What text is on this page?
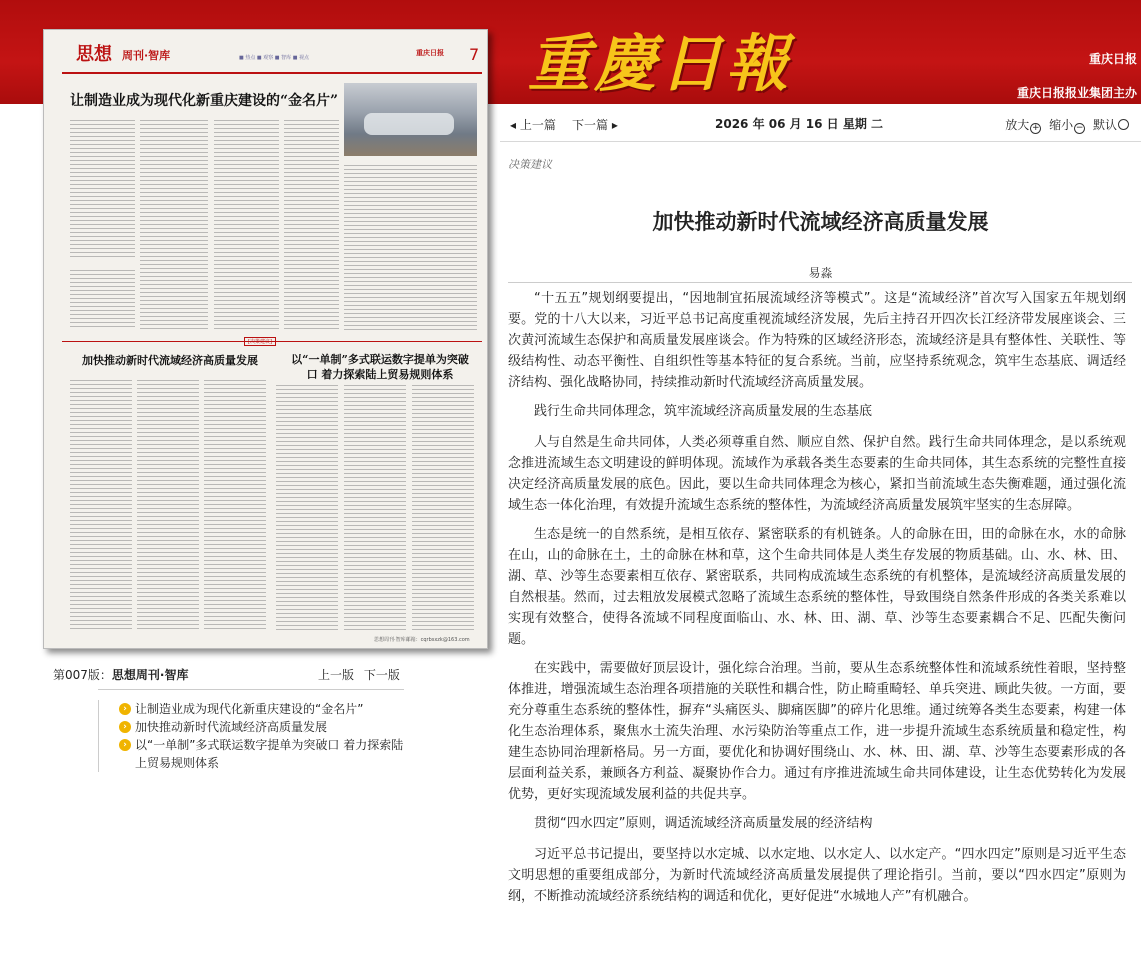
重慶日報	重庆日报
重庆日报报业集团主办
思想 周刊·智库	■ 热点 ■ 观察 ■ 智库 ■ 视点
重庆日报 7
让制造业成为现代化新重庆建设的“金名片”
[决策建议]
加快推动新时代流域经济高质量发展	以“一单制”多式联运数字提单为突破口 着力探索陆上贸易规则体系
思想周刊·智库邮箱：cqrbsxzk@163.com
第007版：思想周刊·智库	上一版 下一版
› 让制造业成为现代化新重庆建设的“金名片”
› 加快推动新时代流域经济高质量发展
› 以“一单制”多式联运数字提单为突破口 着力探索陆上贸易规则体系
◂ 上一篇 下一篇 ▸	2026 年 06 月 16 日 星期 二	放大 + 缩小 − 默认
决策建议
加快推动新时代流域经济高质量发展
易淼

“十五五”规划纲要提出，“因地制宜拓展流域经济等模式”。这是“流域经济”首次写入国家五年规划纲要。党的十八大以来，习近平总书记高度重视流域经济发展，先后主持召开四次长江经济带发展座谈会、三次黄河流域生态保护和高质量发展座谈会。作为特殊的区域经济形态，流域经济是具有整体性、关联性、等级结构性、动态平衡性、自组织性等基本特征的复合系统。当前，应坚持系统观念，筑牢生态基底、调适经济结构、强化战略协同，持续推动新时代流域经济高质量发展。

践行生命共同体理念，筑牢流域经济高质量发展的生态基底

人与自然是生命共同体，人类必须尊重自然、顺应自然、保护自然。践行生命共同体理念，是以系统观念推进流域生态文明建设的鲜明体现。流域作为承载各类生态要素的生命共同体，其生态系统的完整性直接决定经济高质量发展的底色。因此，要以生命共同体理念为核心，紧扣当前流域生态失衡难题，通过强化流域生态一体化治理，有效提升流域生态系统的整体性，为流域经济高质量发展筑牢坚实的生态屏障。

生态是统一的自然系统，是相互依存、紧密联系的有机链条。人的命脉在田，田的命脉在水，水的命脉在山，山的命脉在土，土的命脉在林和草，这个生命共同体是人类生存发展的物质基础。山、水、林、田、湖、草、沙等生态要素相互依存、紧密联系，共同构成流域生态系统的有机整体，是流域经济高质量发展的自然根基。然而，过去粗放发展模式忽略了流域生态系统的整体性，导致围绕自然条件形成的各类关系难以实现有效整合，使得各流域不同程度面临山、水、林、田、湖、草、沙等生态要素耦合不足、匹配失衡问题。

在实践中，需要做好顶层设计，强化综合治理。当前，要从生态系统整体性和流域系统性着眼，坚持整体推进，增强流域生态治理各项措施的关联性和耦合性，防止畸重畸轻、单兵突进、顾此失彼。一方面，要充分尊重生态系统的整体性，摒弃“头痛医头、脚痛医脚”的碎片化思维。通过统筹各类生态要素，构建一体化生态治理体系，聚焦水土流失治理、水污染防治等重点工作，进一步提升流域生态系统质量和稳定性，构建生态协同治理新格局。另一方面，要优化和协调好围绕山、水、林、田、湖、草、沙等生态要素形成的各层面利益关系，兼顾各方利益、凝聚协作合力。通过有序推进流域生命共同体建设，让生态优势转化为发展优势，更好实现流域发展利益的共促共享。

贯彻“四水四定”原则，调适流域经济高质量发展的经济结构

习近平总书记提出，要坚持以水定城、以水定地、以水定人、以水定产。“四水四定”原则是习近平生态文明思想的重要组成部分，为新时代流域经济高质量发展提供了理论指引。当前，要以“四水四定”原则为纲，不断推动流域经济系统结构的调适和优化，更好促进“水城地人产”有机融合。
